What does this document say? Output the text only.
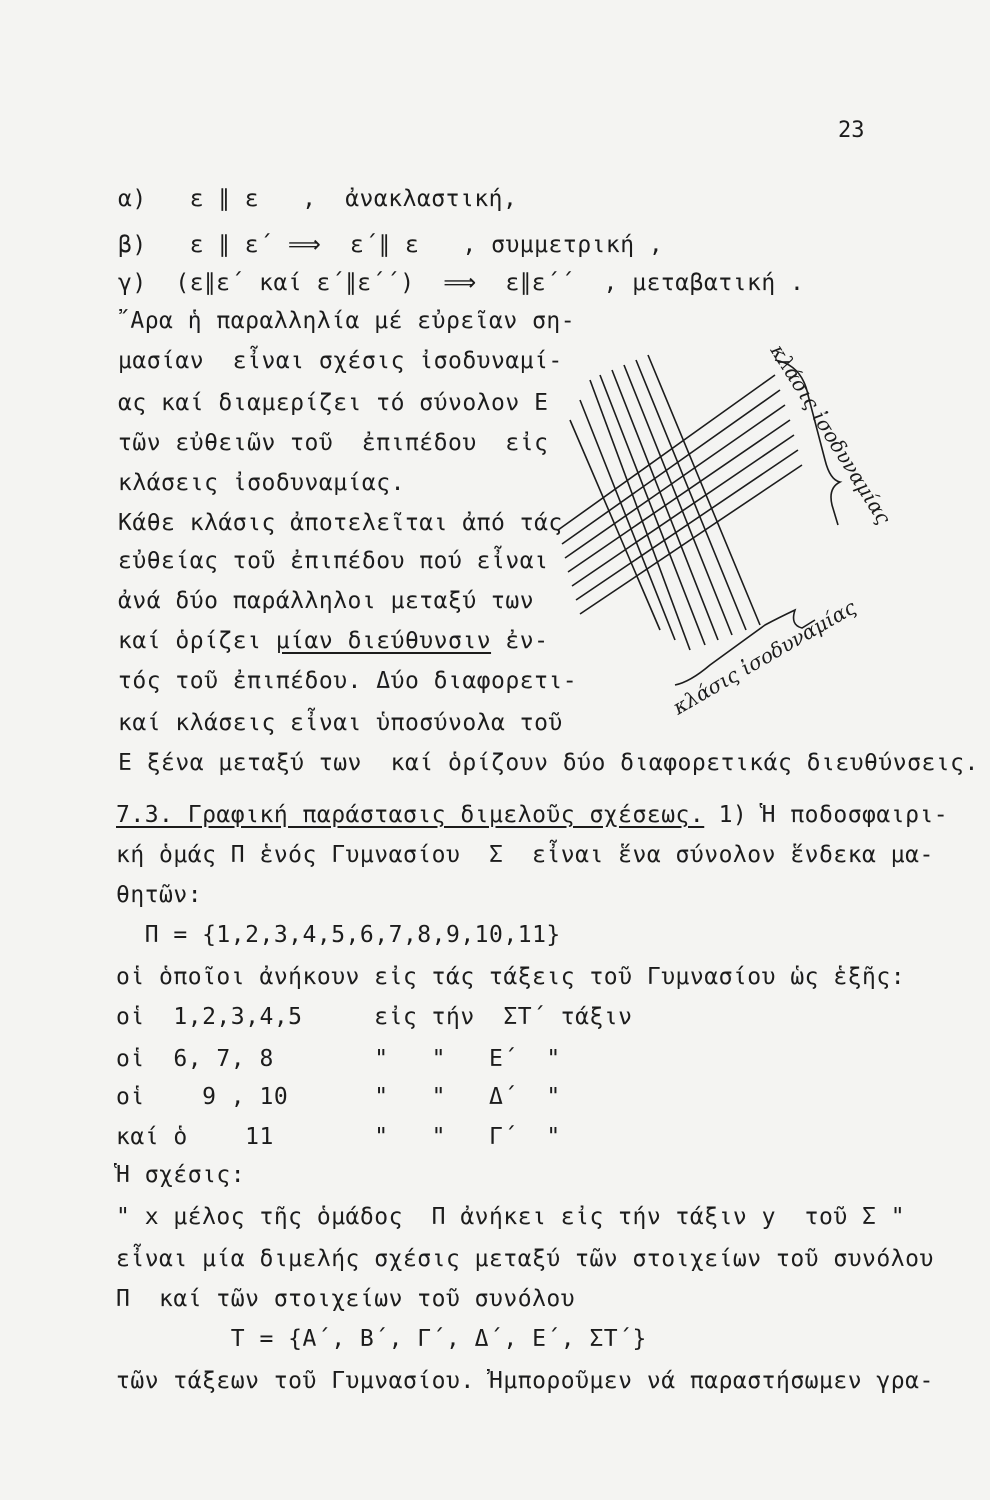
23
α)   ε ∥ ε   ,  ἀνακλαστική,
β)   ε ∥ ε΄ ⟹  ε΄∥ ε   , συμμετρική ,
γ)  (ε∥ε΄ καί ε΄∥ε΄΄)  ⟹  ε∥ε΄΄  , μεταβατική .
῎Αρα ἡ παραλληλία μέ εὐρεῖαν ση-
μασίαν  εἶναι σχέσις ἰσοδυναμί-
ας καί διαμερίζει τό σύνολον Ε
τῶν εὐθειῶν τοῦ  ἐπιπέδου  εἰς
κλάσεις ἰσοδυναμίας.
Κάθε κλάσις ἀποτελεῖται ἀπό τάς
εὐθείας τοῦ ἐπιπέδου πού εἶναι
ἀνά δύο παράλληλοι μεταξύ των
καί ὁρίζει μίαν διεύθυνσιν ἐν-
τός τοῦ ἐπιπέδου. Δύο διαφορετι-
καί κλάσεις εἶναι ὑποσύνολα τοῦ
Ε ξένα μεταξύ των  καί ὁρίζουν δύο διαφορετικάς διευθύνσεις.
7.3. Γραφική παράστασις διμελοῦς σχέσεως. 1) Ἡ ποδοσφαιρι-
κή ὁμάς Π ἑνός Γυμνασίου  Σ  εἶναι ἕνα σύνολον ἕνδεκα μα-
θητῶν:
Π = {1,2,3,4,5,6,7,8,9,10,11}
οἱ ὁποῖοι ἀνήκουν εἰς τάς τάξεις τοῦ Γυμνασίου ὡς ἑξῆς:
οἱ  1,2,3,4,5     εἰς τήν  ΣΤ΄ τάξιν
οἱ  6, 7, 8       "   "   Ε΄  "
οἱ    9 , 10      "   "   Δ΄  "
καί ὁ    11       "   "   Γ΄  "
Ἡ σχέσις:
" x μέλος τῆς ὁμάδος  Π ἀνήκει εἰς τήν τάξιν y  τοῦ Σ "
εἶναι μία διμελής σχέσις μεταξύ τῶν στοιχείων τοῦ συνόλου
Π  καί τῶν στοιχείων τοῦ συνόλου
T = {Α΄, Β΄, Γ΄, Δ΄, Ε΄, ΣΤ΄}
τῶν τάξεων τοῦ Γυμνασίου. Ἠμποροῦμεν νά παραστήσωμεν γρα-
κλάσις ἰσοδυναμίας
κλάσις ἰσοδυναμίας
